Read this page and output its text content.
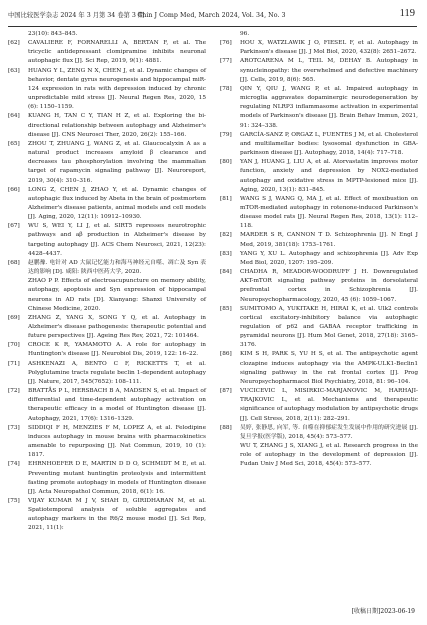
中国比较医学杂志 2024 年 3 月第 34 卷第 3 期
Chin J Comp Med, March 2024, Vol. 34, No. 3	119
23(10): 843–845.
[62]	CAVALIERE F, FORNARELLI A, BERTAN F, et al. The tricyclic antidepressant clomipramine inhibits neuronal autophagic flux [J]. Sci Rep, 2019, 9(1): 4881.
[63]	HUANG Y L, ZENG N X, CHEN J, et al. Dynamic changes of behavior, dentate gyrus neurogenesis and hippocampal miR-124 expression in rats with depression induced by chronic unpredictable mild stress [J]. Neural Regen Res, 2020, 15 (6): 1150–1159.
[64]	KUANG H, TAN C Y, TIAN H Z, et al. Exploring the bi-directional relationship between autophagy and Alzheimer's disease [J]. CNS Neurosci Ther, 2020, 26(2): 155–166.
[65]	ZHOU T, ZHUANG J, WANG Z, et al. Glaucocalyxin A as a natural product increases amyloid β clearance and decreases tau phosphorylation involving the mammalian target of rapamycin signaling pathway [J]. Neuroreport, 2019, 30(4): 310–316.
[66]	LONG Z, CHEN J, ZHAO Y, et al. Dynamic changes of autophagic flux induced by Abeta in the brain of postmortem Alzheimer's disease patients, animal models and cell models [J]. Aging, 2020, 12(11): 10912–10930.
[67]	WU S, WEI Y, LI J, et al. SIRT5 represses neurotrophic pathways and aβ production in Alzheimer's disease by targeting autophagy [J]. ACS Chem Neurosci, 2021, 12(23): 4428–4437.
[68]	赵鹏豫. 电针对 AD 大鼠记忆能力和海马神经元自噬、凋亡及 Syn 表达的影响 [D]. 咸阳: 陕西中医药大学, 2020.
ZHAO P P. Effects of electroacupuncture on memory ability, autophagy, apoptosis and Syn expression of hippocampal neurons in AD rats [D]. Xianyang: Shanxi University of Chinese Medicine, 2020.
[69]	ZHANG Z, YANG X, SONG Y Q, et al. Autophagy in Alzheimer's disease pathogenesis: therapeutic potential and future perspectives [J]. Ageing Res Rev, 2021, 72: 101464.
[70]	CROCE K R, YAMAMOTO A. A role for autophagy in Huntington's disease [J]. Neurobiol Dis, 2019, 122: 16–22.
[71]	ASHKENAZI A, BENTO C F, RICKETTS T, et al. Polyglutamine tracts regulate beclin 1-dependent autophagy [J]. Nature, 2017, 545(7652): 108–111.
[72]	BRATTÅS P L, HERSBACH B A, MADSEN S, et al. Impact of differential and time-dependent autophagy activation on therapeutic efficacy in a model of Huntington disease [J]. Autophagy, 2021, 17(6): 1316–1329.
[73]	SIDDIQI F H, MENZIES F M, LOPEZ A, et al. Felodipine induces autophagy in mouse brains with pharmacokinetics amenable to repurposing [J]. Nat Commun, 2019, 10 (1): 1817.
[74]	EHRNHOEFER D E, MARTIN D D O, SCHMIDT M E, et al. Preventing mutant huntingtin proteolysis and intermittent fasting promote autophagy in models of Huntington disease [J]. Acta Neuropathol Commun, 2018, 6(1): 16.
[75]	VIJAY KUMAR M J V, SHAH D, GIRIDHARAN M, et al. Spatiotemporal analysis of soluble aggregates and autophagy markers in the R6/2 mouse model [J]. Sci Rep, 2021, 11(1):
96.
[76]	HOU X, WATZLAWIK J O, FIESEL F, et al. Autophagy in Parkinson's disease [J]. J Mol Biol, 2020, 432(8): 2651–2672.
[77]	AROTCARENA M L, TEIL M, DEHAY B. Autophagy in synucleinopathy: the overwhelmed and defective machinery [J]. Cells, 2019, 8(6): 565.
[78]	QIN Y, QIU J, WANG P, et al. Impaired autophagy in microglia aggravates dopaminergic neurodegeneration by regulating NLRP3 inflammasome activation in experimental models of Parkinson's disease [J]. Brain Behav Immun, 2021, 91: 324–338.
[79]	GARCÍA-SANZ P, ORGAZ L, FUENTES J M, et al. Cholesterol and multilamellar bodies: lysosomal dysfunction in GBA-parkinson disease [J]. Autophagy, 2018, 14(4): 717–718.
[80]	YAN J, HUANG J, LIU A, et al. Atorvastatin improves motor function, anxiety and depression by NOX2-mediated autophagy and oxidative stress in MPTP-lesioned mice [J]. Aging, 2020, 13(1): 831–845.
[81]	WANG S J, WANG Q, MA J, et al. Effect of moxibustion on mTOR-mediated autophagy in rotenone-induced Parkinson's disease model rats [J]. Neural Regen Res, 2018, 13(1): 112–118.
[82]	MARDER S R, CANNON T D. Schizophrenia [J]. N Engl J Med, 2019, 381(18): 1753–1761.
[83]	YANG Y, XU L. Autophagy and schizophrenia [J]. Adv Exp Med Biol, 2020, 1207: 195–209.
[84]	CHADHA R, MEADOR-WOODRUFF J H. Downregulated AKT-mTOR signaling pathway proteins in dorsolateral prefrontal cortex in Schizophrenia [J]. Neuropsychopharmacology, 2020, 45 (6): 1059–1067.
[85]	SUMITOMO A, YUKITAKE H, HIRAI K, et al. Ulk2 controls cortical excitatory-inhibitory balance via autophagic regulation of p62 and GABAA receptor trafficking in pyramidal neurons [J]. Hum Mol Genet, 2018, 27(18): 3165–3176.
[86]	KIM S H, PARK S, YU H S, et al. The antipsychotic agent clozapine induces autophagy via the AMPK-ULK1-Beclin1 signaling pathway in the rat frontal cortex [J]. Prog Neuropsychopharmacol Biol Psychiatry, 2018, 81: 96–104.
[87]	VUCICEVIC L, MISIRKIC-MARJANOVIC M, HARHAJI-TRAJKOVIC L, et al. Mechanisms and therapeutic significance of autophagy modulation by antipsychotic drugs [J]. Cell Stress, 2018, 2(11): 282–291.
[88]	吴婷, 张静思, 向军, 等. 自噬在抑郁症发生发展中作用的研究进展 [J]. 复旦学报(医学版), 2018, 45(4): 573–577.
WU T, ZHANG J S, XIANG J, et al. Research progress in the role of autophagy in the development of depression [J]. Fudan Univ J Med Sci, 2018, 45(4): 573–577.
[收稿日期]2023-06-19
